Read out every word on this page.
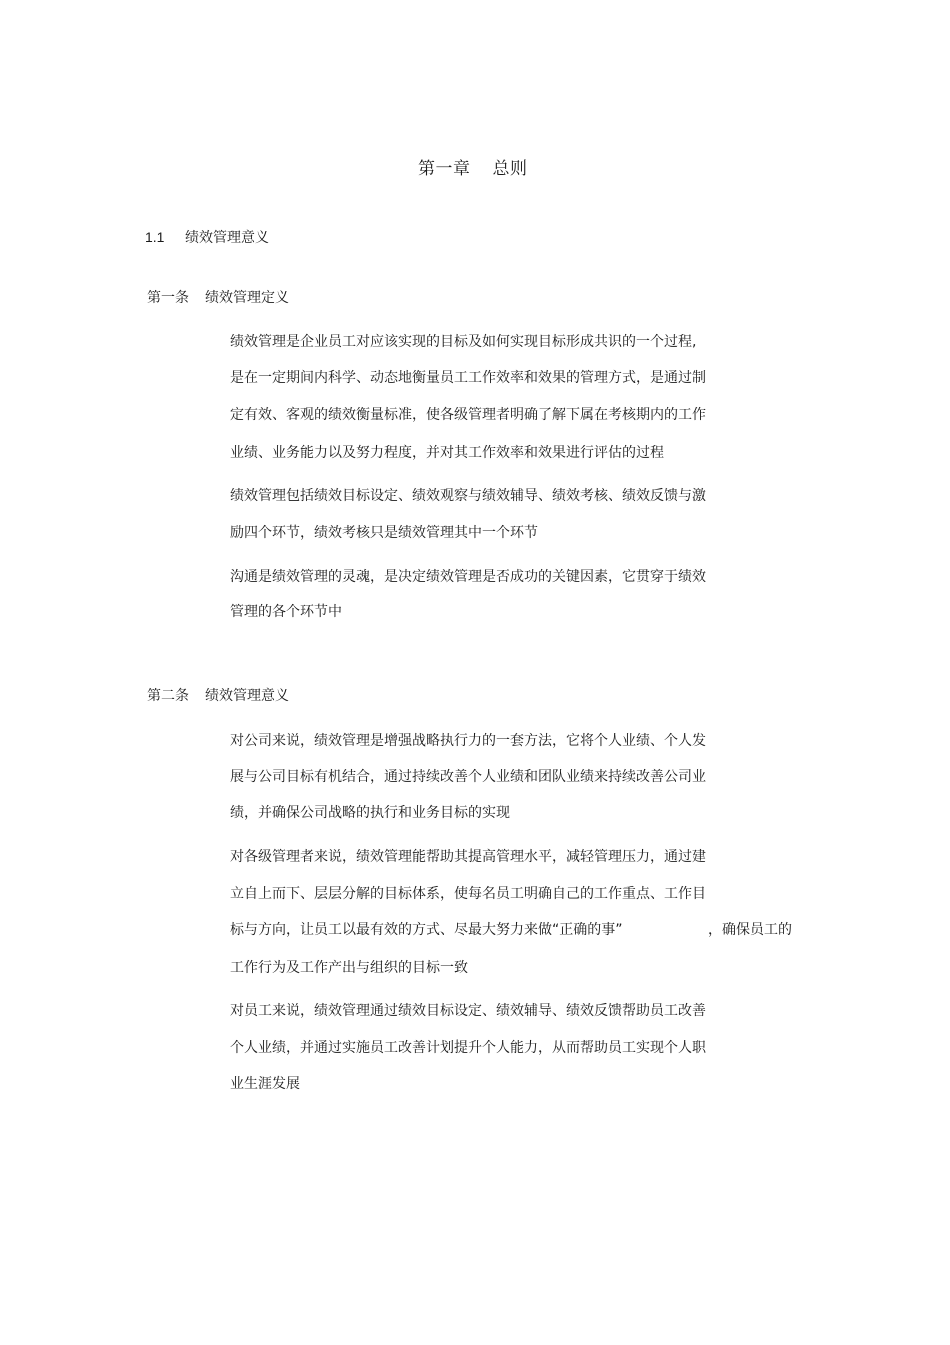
第一章 总则
1.1 绩效管理意义
第一条 绩效管理定义
绩效管理是企业员工对应该实现的目标及如何实现目标形成共识的一个过程,
是在一定期间内科学、动态地衡量员工工作效率和效果的管理方式，是通过制
定有效、客观的绩效衡量标准，使各级管理者明确了解下属在考核期内的工作
业绩、业务能力以及努力程度，并对其工作效率和效果进行评估的过程
绩效管理包括绩效目标设定、绩效观察与绩效辅导、绩效考核、绩效反馈与激
励四个环节，绩效考核只是绩效管理其中一个环节
沟通是绩效管理的灵魂，是决定绩效管理是否成功的关键因素，它贯穿于绩效
管理的各个环节中
第二条 绩效管理意义
对公司来说，绩效管理是增强战略执行力的一套方法，它将个人业绩、个人发
展与公司目标有机结合，通过持续改善个人业绩和团队业绩来持续改善公司业
绩，并确保公司战略的执行和业务目标的实现
对各级管理者来说，绩效管理能帮助其提高管理水平，减轻管理压力，通过建
立自上而下、层层分解的目标体系，使每名员工明确自己的工作重点、工作目
标与方向，让员工以最有效的方式、尽最大努力来做“正确的事”	，确保员工的
工作行为及工作产出与组织的目标一致
对员工来说，绩效管理通过绩效目标设定、绩效辅导、绩效反馈帮助员工改善
个人业绩，并通过实施员工改善计划提升个人能力，从而帮助员工实现个人职
业生涯发展
